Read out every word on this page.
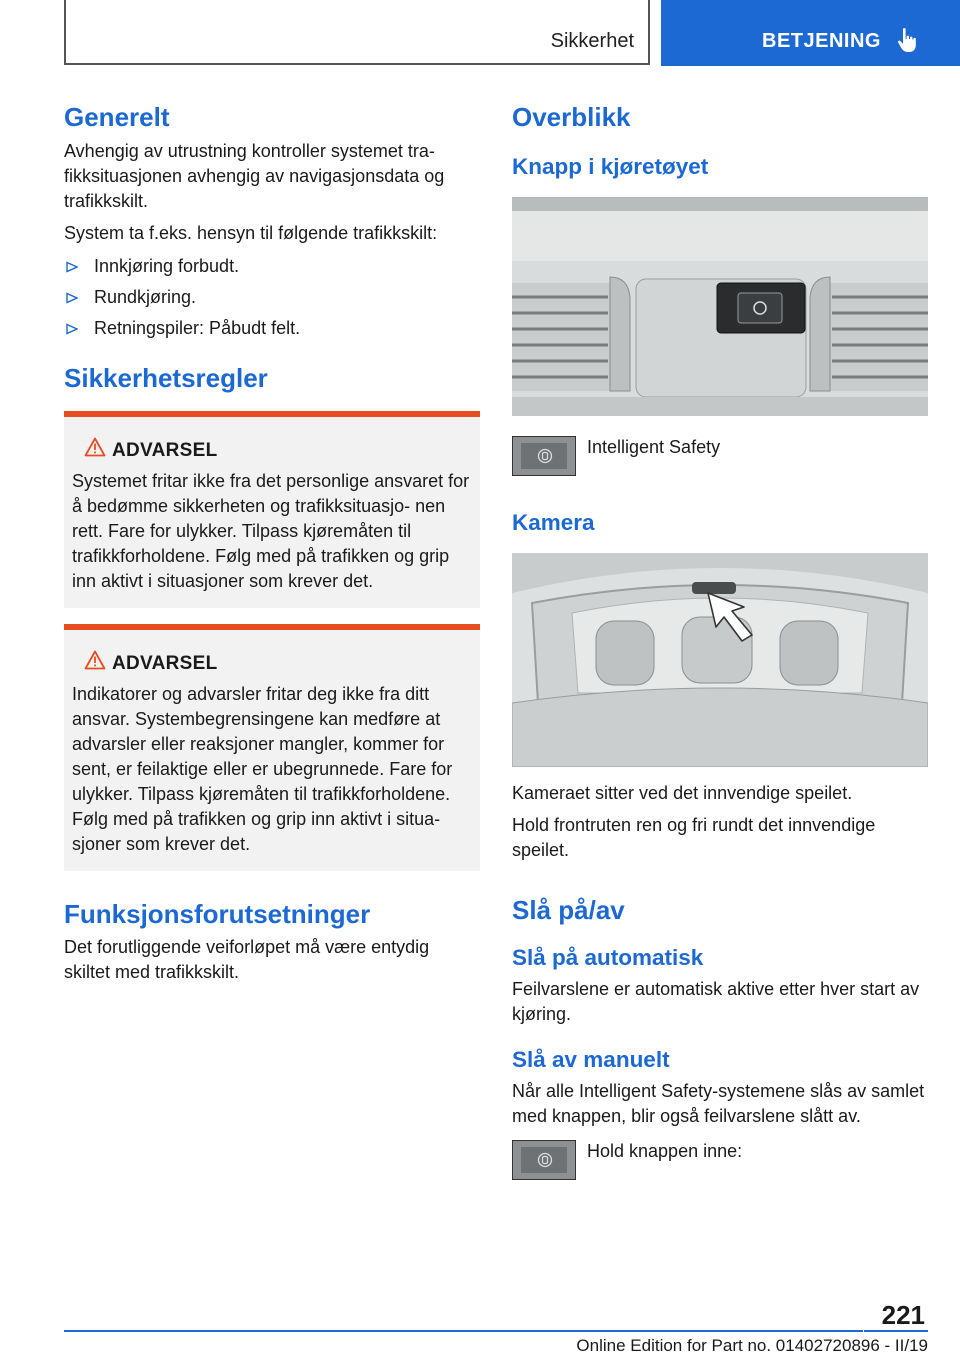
Sikkerhet	BETJENING
Generelt

Avhengig av utrustning kontroller systemet tra‐ fikksituasjonen avhengig av navigasjonsdata og trafikkskilt.

System ta f.eks. hensyn til følgende trafikkskilt:

Innkjøring forbudt.
Rundkjøring.
Retningspiler: Påbudt felt.
Sikkerhetsregler
ADVARSEL

Systemet fritar ikke fra det personlige ansvaret for å bedømme sikkerheten og trafikksituasjo‐ nen rett. Fare for ulykker. Tilpass kjøremåten til trafikkforholdene. Følg med på trafikken og grip inn aktivt i situasjoner som krever det.

ADVARSEL

Indikatorer og advarsler fritar deg ikke fra ditt ansvar. Systembegrensingene kan medføre at advarsler eller reaksjoner mangler, kommer for sent, er feilaktige eller er ubegrunnede. Fare for ulykker. Tilpass kjøremåten til trafikkforholdene. Følg med på trafikken og grip inn aktivt i situa‐ sjoner som krever det.

Funksjonsforutsetninger

Det forutliggende veiforløpet må være entydig skiltet med trafikkskilt.

Overblikk
Knapp i kjøretøyet
Intelligent Safety
Kamera

Kameraet sitter ved det innvendige speilet.

Hold frontruten ren og fri rundt det innvendige speilet.

Slå på/av
Slå på automatisk

Feilvarslene er automatisk aktive etter hver start av kjøring.

Slå av manuelt

Når alle Intelligent Safety-systemene slås av samlet med knappen, blir også feilvarslene slått av.

Hold knappen inne:
221
Online Edition for Part no. 01402720896 - II/19
